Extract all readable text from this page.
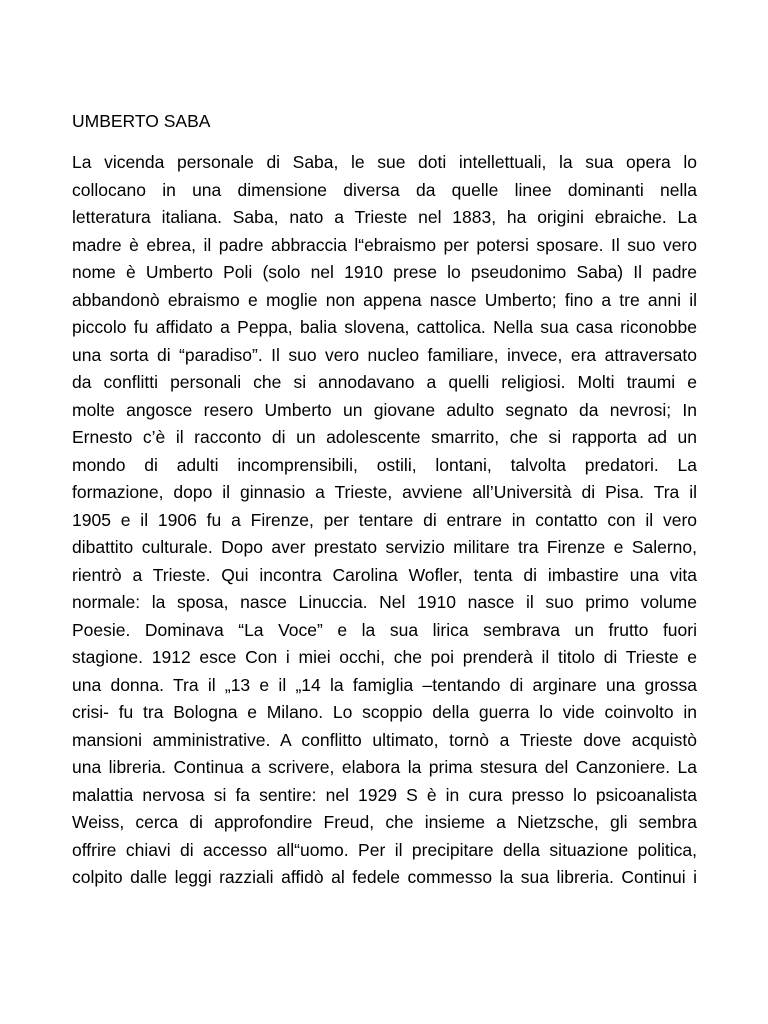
UMBERTO SABA
La vicenda personale di Saba, le sue doti intellettuali, la sua opera lo
collocano in una dimensione diversa da quelle linee dominanti nella
letteratura italiana. Saba, nato a Trieste nel 1883, ha origini ebraiche. La
madre è ebrea, il padre abbraccia l“ebraismo per potersi sposare. Il suo vero
nome è Umberto Poli (solo nel 1910 prese lo pseudonimo Saba) Il padre
abbandonò ebraismo e moglie non appena nasce Umberto; fino a tre anni il
piccolo fu affidato a Peppa, balia slovena, cattolica. Nella sua casa riconobbe
una sorta di “paradiso”. Il suo vero nucleo familiare, invece, era attraversato
da conflitti personali che si annodavano a quelli religiosi. Molti traumi e
molte angosce resero Umberto un giovane adulto segnato da nevrosi; In
Ernesto c’è il racconto di un adolescente smarrito, che si rapporta ad un
mondo di adulti incomprensibili, ostili, lontani, talvolta predatori. La
formazione, dopo il ginnasio a Trieste, avviene all’Università di Pisa. Tra il
1905 e il 1906 fu a Firenze, per tentare di entrare in contatto con il vero
dibattito culturale. Dopo aver prestato servizio militare tra Firenze e Salerno,
rientrò a Trieste. Qui incontra Carolina Wofler, tenta di imbastire una vita
normale: la sposa, nasce Linuccia. Nel 1910 nasce il suo primo volume
Poesie. Dominava “La Voce” e la sua lirica sembrava un frutto fuori
stagione. 1912 esce Con i miei occhi, che poi prenderà il titolo di Trieste e
una donna. Tra il „13 e il „14 la famiglia –tentando di arginare una grossa
crisi- fu tra Bologna e Milano. Lo scoppio della guerra lo vide coinvolto in
mansioni amministrative. A conflitto ultimato, tornò a Trieste dove acquistò
una libreria. Continua a scrivere, elabora la prima stesura del Canzoniere. La
malattia nervosa si fa sentire: nel 1929 S è in cura presso lo psicoanalista
Weiss, cerca di approfondire Freud, che insieme a Nietzsche, gli sembra
offrire chiavi di accesso all“uomo. Per il precipitare della situazione politica,
colpito dalle leggi razziali affidò al fedele commesso la sua libreria. Continui i
